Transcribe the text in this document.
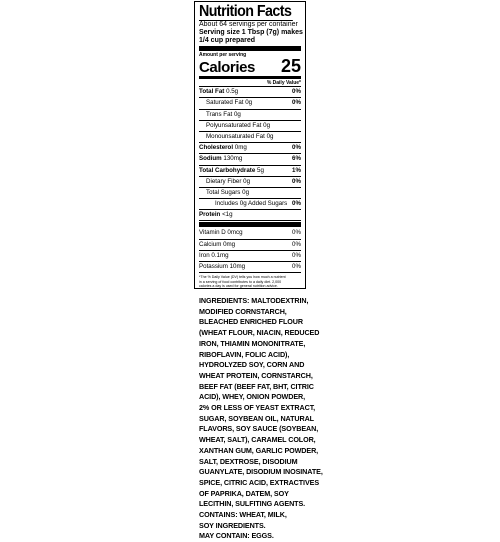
Nutrition Facts
About 64 servings per container
Serving size 1 Tbsp (7g) makes
1/4 cup prepared
Amount per serving
Calories 25
% Daily Value*
Total Fat 0.5g	0%
Saturated Fat 0g	0%
Trans Fat 0g
Polyunsaturated Fat 0g
Monounsaturated Fat 0g
Cholesterol 0mg	0%
Sodium 130mg	6%
Total Carbohydrate 5g	1%
Dietary Fiber 0g	0%
Total Sugars 0g
Includes 0g Added Sugars 0%
Protein <1g
Vitamin D 0mcg	0%
Calcium 0mg	0%
Iron 0.1mg	0%
Potassium 10mg	0%
*The % Daily Value (DV) tells you how much a nutrient
in a serving of food contributes to a daily diet. 2,000
calories a day is used for general nutrition advice.
INGREDIENTS: MALTODEXTRIN,
MODIFIED CORNSTARCH,
BLEACHED ENRICHED FLOUR
(WHEAT FLOUR, NIACIN, REDUCED
IRON, THIAMIN MONONITRATE,
RIBOFLAVIN, FOLIC ACID),
HYDROLYZED SOY, CORN AND
WHEAT PROTEIN, CORNSTARCH,
BEEF FAT (BEEF FAT, BHT, CITRIC
ACID), WHEY, ONION POWDER,
2% OR LESS OF YEAST EXTRACT,
SUGAR, SOYBEAN OIL, NATURAL
FLAVORS, SOY SAUCE (SOYBEAN,
WHEAT, SALT), CARAMEL COLOR,
XANTHAN GUM, GARLIC POWDER,
SALT, DEXTROSE, DISODIUM
GUANYLATE, DISODIUM INOSINATE,
SPICE, CITRIC ACID, EXTRACTIVES
OF PAPRIKA, DATEM, SOY
LECITHIN, SULFITING AGENTS.
CONTAINS: WHEAT, MILK,
SOY INGREDIENTS.
MAY CONTAIN: EGGS.
